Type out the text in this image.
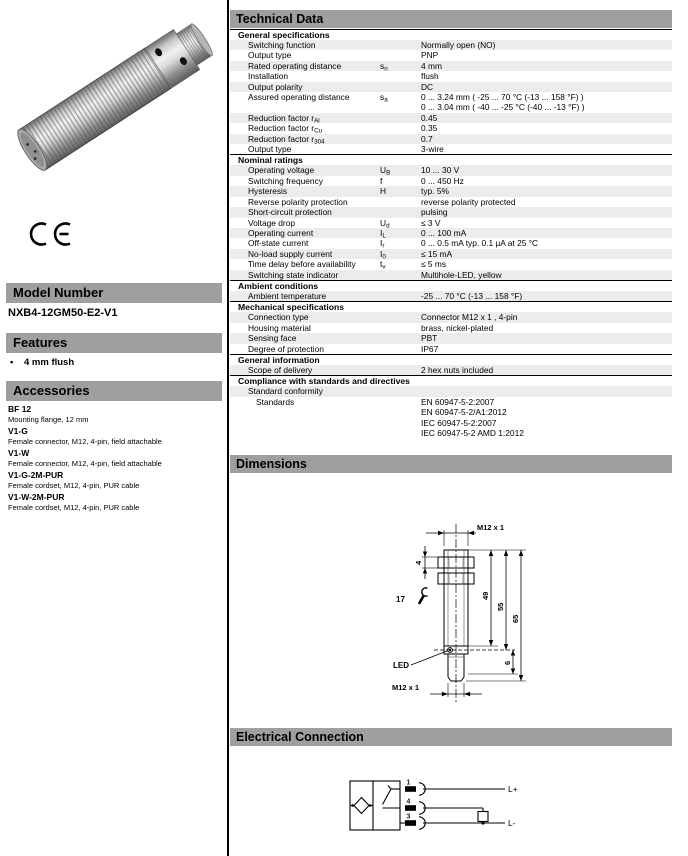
Model Number
NXB4-12GM50-E2-V1
Features
• 4 mm flush
Accessories
BF 12
Mounting flange, 12 mm
V1-G
Female connector, M12, 4-pin, field attachable
V1-W
Female connector, M12, 4-pin, field attachable
V1-G-2M-PUR
Female cordset, M12, 4-pin, PUR cable
V1-W-2M-PUR
Female cordset, M12, 4-pin, PUR cable
Technical Data
General specifications
Switching function	Normally open (NO)
Output type	PNP
Rated operating distance	$s_n$	4 mm
Installation	flush
Output polarity	DC
Assured operating distance	$s_a$	0 ... 3.24 mm ( -25 ... 70 °C (-13 ... 158 °F) )
0 ... 3.04 mm ( -40 ... -25 °C (-40 ... -13 °F) )
Reduction factor $r_{Al}$	0.45
Reduction factor $r_{Cu}$	0.35
Reduction factor $r_{304}$	0.7
Output type	3-wire
Nominal ratings
Operating voltage	$U_B$	10 ... 30 V
Switching frequency	f	0 ... 450 Hz
Hysteresis	H	typ. 5%
Reverse polarity protection	reverse polarity protected
Short-circuit protection	pulsing
Voltage drop	$U_d$	≤ 3 V
Operating current	$I_L$	0 ... 100 mA
Off-state current	$I_r$	0 ... 0.5 mA typ. 0.1 µA at 25 °C
No-load supply current	$I_0$	≤ 15 mA
Time delay before availability	$t_v$	≤ 5 ms
Switching state indicator	Multihole-LED, yellow
Ambient conditions
Ambient temperature	-25 ... 70 °C (-13 ... 158 °F)
Mechanical specifications
Connection type	Connector M12 x 1 , 4-pin
Housing material	brass, nickel-plated
Sensing face	PBT
Degree of protection	IP67
General information
Scope of delivery	2 hex nuts included
Compliance with standards and directives
Standard conformity
Standards	EN 60947-5-2:2007
EN 60947-5-2/A1:2012
IEC 60947-5-2:2007
IEC 60947-5-2 AMD 1:2012
Dimensions
M12 x 1
4
17	49
55
65
6
LED
M12 x 1
Electrical Connection
1
4
3
L+
L-
